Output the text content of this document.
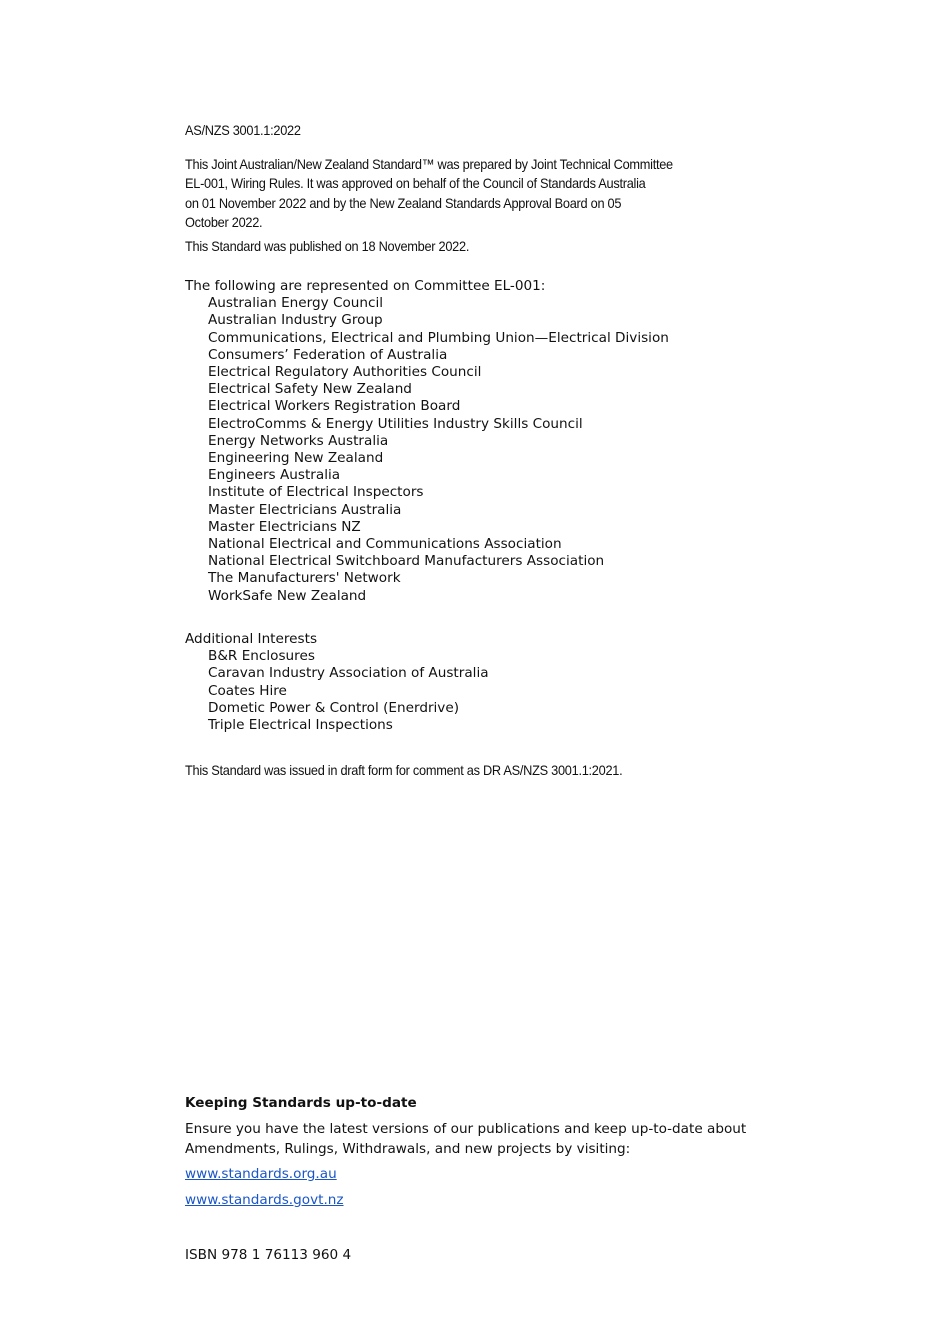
AS/NZS 3001.1:2022
This Joint Australian/New Zealand Standard™ was prepared by Joint Technical Committee
EL-001, Wiring Rules. It was approved on behalf of the Council of Standards Australia
on 01 November 2022 and by the New Zealand Standards Approval Board on 05
October 2022.
This Standard was published on 18 November 2022.
The following are represented on Committee EL-001:
Australian Energy Council
Australian Industry Group
Communications, Electrical and Plumbing Union—Electrical Division
Consumers’ Federation of Australia
Electrical Regulatory Authorities Council
Electrical Safety New Zealand
Electrical Workers Registration Board
ElectroComms & Energy Utilities Industry Skills Council
Energy Networks Australia
Engineering New Zealand
Engineers Australia
Institute of Electrical Inspectors
Master Electricians Australia
Master Electricians NZ
National Electrical and Communications Association
National Electrical Switchboard Manufacturers Association
The Manufacturers' Network
WorkSafe New Zealand
Additional Interests
B&R Enclosures
Caravan Industry Association of Australia
Coates Hire
Dometic Power & Control (Enerdrive)
Triple Electrical Inspections
This Standard was issued in draft form for comment as DR AS/NZS 3001.1:2021.
Keeping Standards up-to-date
Ensure you have the latest versions of our publications and keep up-to-date about
Amendments, Rulings, Withdrawals, and new projects by visiting:
www.standards.org.au
www.standards.govt.nz
ISBN 978 1 76113 960 4
